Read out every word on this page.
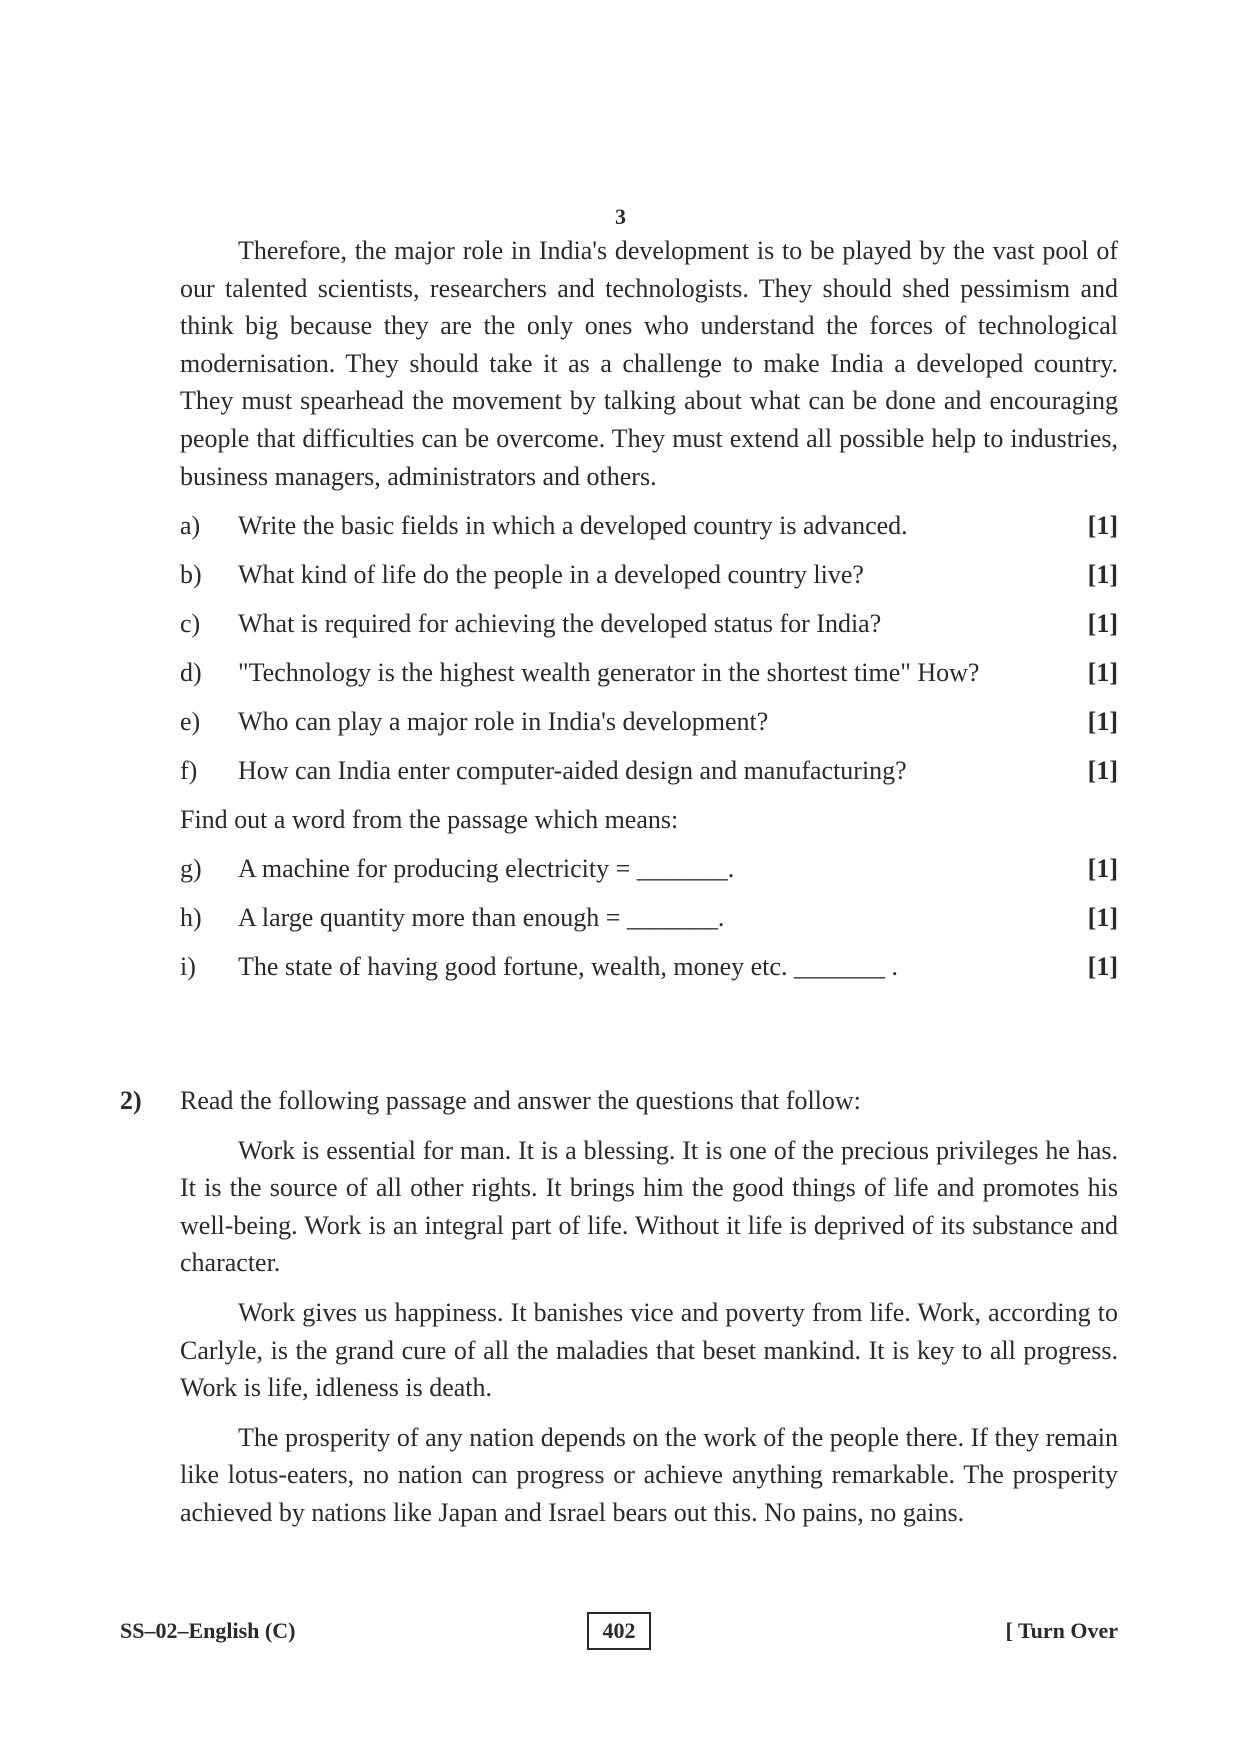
3

Therefore, the major role in India's development is to be played by the vast pool of our talented scientists, researchers and technologists. They should shed pessimism and think big because they are the only ones who understand the forces of technological modernisation. They should take it as a challenge to make India a developed country. They must spearhead the movement by talking about what can be done and encouraging people that difficulties can be overcome. They must extend all possible help to industries, business managers, administrators and others.

a)	Write the basic fields in which a developed country is advanced.	[1]
b)	What kind of life do the people in a developed country live?	[1]
c)	What is required for achieving the developed status for India?	[1]
d)	"Technology is the highest wealth generator in the shortest time" How?	[1]
e)	Who can play a major role in India's development?	[1]
f)	How can India enter computer-aided design and manufacturing?	[1]

Find out a word from the passage which means:

g)	A machine for producing electricity = _______.	[1]
h)	A large quantity more than enough = _______.	[1]
i)	The state of having good fortune, wealth, money etc. _______ .	[1]
2)	Read the following passage and answer the questions that follow:

Work is essential for man. It is a blessing. It is one of the precious privileges he has. It is the source of all other rights. It brings him the good things of life and promotes his well-being. Work is an integral part of life. Without it life is deprived of its substance and character.

Work gives us happiness. It banishes vice and poverty from life. Work, according to Carlyle, is the grand cure of all the maladies that beset mankind. It is key to all progress. Work is life, idleness is death.

The prosperity of any nation depends on the work of the people there. If they remain like lotus-eaters, no nation can progress or achieve anything remarkable. The prosperity achieved by nations like Japan and Israel bears out this. No pains, no gains.

SS–02–English (C)	402	[ Turn Over
